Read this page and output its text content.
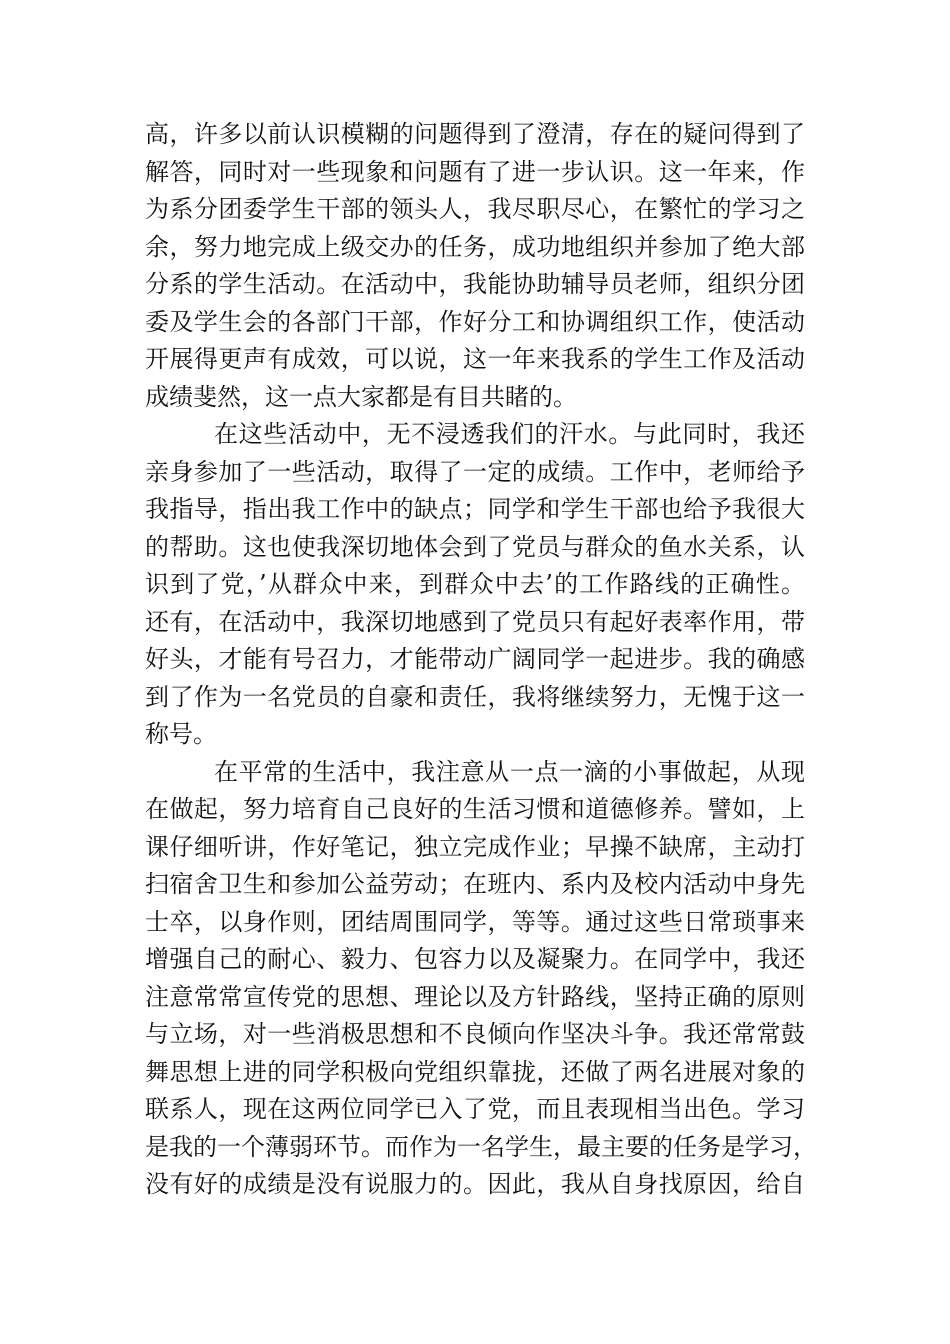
高，许多以前认识模糊的问题得到了澄清，存在的疑问得到了
解答，同时对一些现象和问题有了进一步认识。这一年来，作
为系分团委学生干部的领头人，我尽职尽心，在繁忙的学习之
余，努力地完成上级交办的任务，成功地组织并参加了绝大部
分系的学生活动。在活动中，我能协助辅导员老师，组织分团
委及学生会的各部门干部，作好分工和协调组织工作，使活动
开展得更声有成效，可以说，这一年来我系的学生工作及活动
成绩斐然，这一点大家都是有目共睹的。
在这些活动中，无不浸透我们的汗水。与此同时，我还
亲身参加了一些活动，取得了一定的成绩。工作中，老师给予
我指导，指出我工作中的缺点；同学和学生干部也给予我很大
的帮助。这也使我深切地体会到了党员与群众的鱼水关系，认
识到了党，’从群众中来，到群众中去’的工作路线的正确性。
还有，在活动中，我深切地感到了党员只有起好表率作用，带
好头，才能有号召力，才能带动广阔同学一起进步。我的确感
到了作为一名党员的自豪和责任，我将继续努力，无愧于这一
称号。
在平常的生活中，我注意从一点一滴的小事做起，从现
在做起，努力培育自己良好的生活习惯和道德修养。譬如，上
课仔细听讲，作好笔记，独立完成作业；早操不缺席，主动打
扫宿舍卫生和参加公益劳动；在班内、系内及校内活动中身先
士卒，以身作则，团结周围同学，等等。通过这些日常琐事来
增强自己的耐心、毅力、包容力以及凝聚力。在同学中，我还
注意常常宣传党的思想、理论以及方针路线，坚持正确的原则
与立场，对一些消极思想和不良倾向作坚决斗争。我还常常鼓
舞思想上进的同学积极向党组织靠拢，还做了两名进展对象的
联系人，现在这两位同学已入了党，而且表现相当出色。学习
是我的一个薄弱环节。而作为一名学生，最主要的任务是学习，
没有好的成绩是没有说服力的。因此，我从自身找原因，给自
